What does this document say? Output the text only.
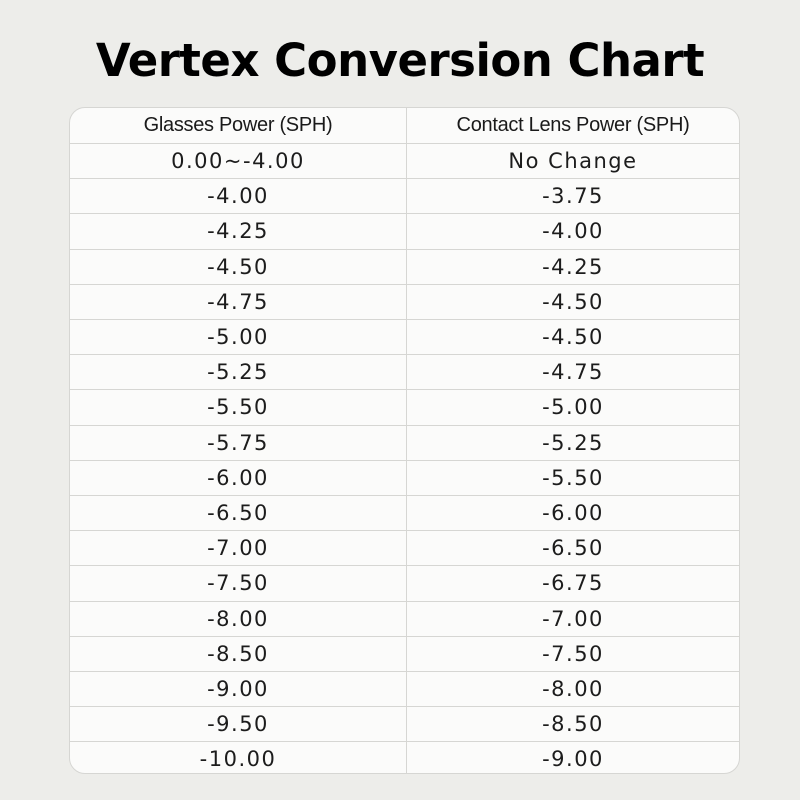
Vertex Conversion Chart
Glasses Power (SPH)	Contact Lens Power (SPH)
0.00~-4.00	No Change
-4.00	-3.75
-4.25	-4.00
-4.50	-4.25
-4.75	-4.50
-5.00	-4.50
-5.25	-4.75
-5.50	-5.00
-5.75	-5.25
-6.00	-5.50
-6.50	-6.00
-7.00	-6.50
-7.50	-6.75
-8.00	-7.00
-8.50	-7.50
-9.00	-8.00
-9.50	-8.50
-10.00	-9.00
